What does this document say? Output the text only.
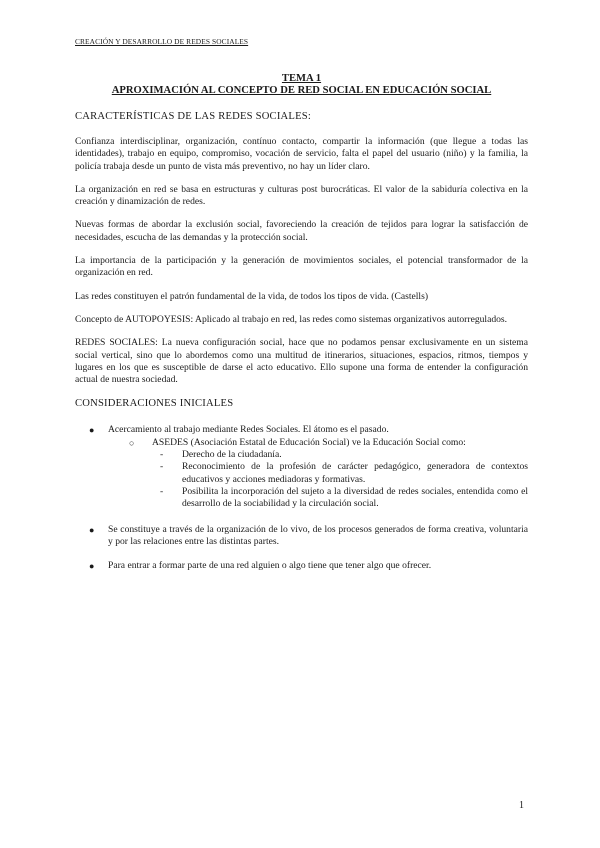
CREACIÓN Y DESARROLLO DE REDES SOCIALES
TEMA 1
APROXIMACIÓN AL CONCEPTO DE RED SOCIAL EN EDUCACIÓN SOCIAL
CARACTERÍSTICAS DE LAS REDES SOCIALES:

Confianza interdisciplinar, organización, contínuo contacto, compartir la información (que llegue a todas las identidades), trabajo en equipo, compromiso, vocación de servicio, falta el papel del usuario (niño) y la familia, la policía trabaja desde un punto de vista más preventivo, no hay un líder claro.

La organización en red se basa en estructuras y culturas post burocráticas. El valor de la sabiduría colectiva en la creación y dinamización de redes.

Nuevas formas de abordar la exclusión social, favoreciendo la creación de tejidos para lograr la satisfacción de necesidades, escucha de las demandas y la protección social.

La importancia de la participación y la generación de movimientos sociales, el potencial transformador de la organización en red.

Las redes constituyen el patrón fundamental de la vida, de todos los tipos de vida. (Castells)

Concepto de AUTOPOYESIS: Aplicado al trabajo en red, las redes como sistemas organizativos autorregulados.

REDES SOCIALES: La nueva configuración social, hace que no podamos pensar exclusivamente en un sistema social vertical, sino que lo abordemos como una multitud de itinerarios, situaciones, espacios, ritmos, tiempos y lugares en los que es susceptible de darse el acto educativo. Ello supone una forma de entender la configuración actual de nuestra sociedad.

CONSIDERACIONES INICIALES
● Acercamiento al trabajo mediante Redes Sociales. El átomo es el pasado.
○ ASEDES (Asociación Estatal de Educación Social) ve la Educación Social como:
- Derecho de la ciudadanía.
- Reconocimiento de la profesión de carácter pedagógico, generadora de contextos educativos y acciones mediadoras y formativas.
- Posibilita la incorporación del sujeto a la diversidad de redes sociales, entendida como el desarrollo de la sociabilidad y la circulación social.
● Se constituye a través de la organización de lo vivo, de los procesos generados de forma creativa, voluntaria y por las relaciones entre las distintas partes.
● Para entrar a formar parte de una red alguien o algo tiene que tener algo que ofrecer.
1
